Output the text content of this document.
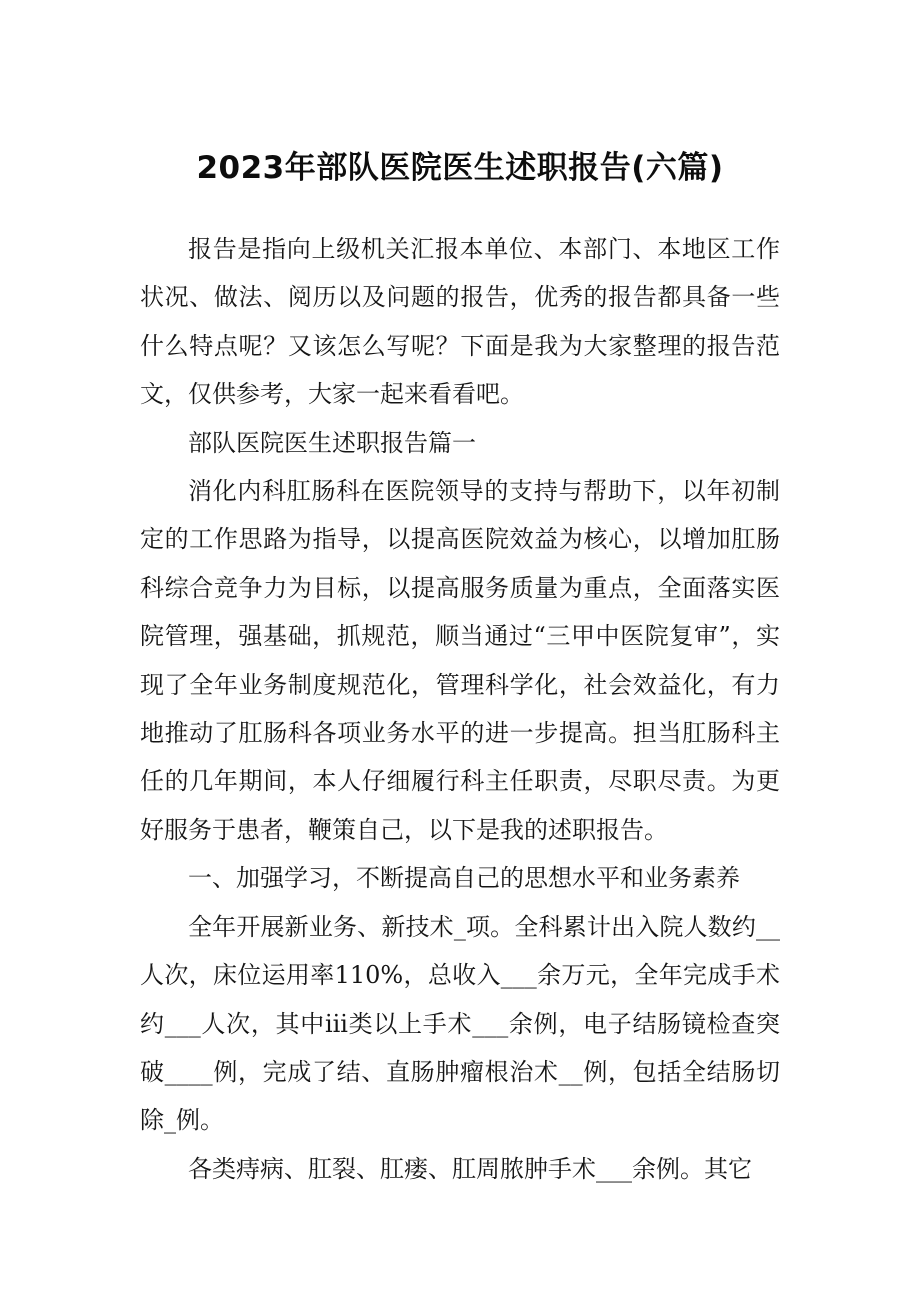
2023年部队医院医生述职报告(六篇)

报告是指向上级机关汇报本单位、本部门、本地区工作状况、做法、阅历以及问题的报告，优秀的报告都具备一些什么特点呢？又该怎么写呢？下面是我为大家整理的报告范文，仅供参考，大家一起来看看吧。

部队医院医生述职报告篇一

消化内科肛肠科在医院领导的支持与帮助下，以年初制定的工作思路为指导，以提高医院效益为核心，以增加肛肠科综合竞争力为目标，以提高服务质量为重点，全面落实医院管理，强基础，抓规范，顺当通过“三甲中医院复审”，实现了全年业务制度规范化，管理科学化，社会效益化，有力地推动了肛肠科各项业务水平的进一步提高。担当肛肠科主任的几年期间，本人仔细履行科主任职责，尽职尽责。为更好服务于患者，鞭策自己，以下是我的述职报告。

一、加强学习，不断提高自己的思想水平和业务素养

全年开展新业务、新技术_项。全科累计出入院人数约__人次，床位运用率110%，总收入___余万元，全年完成手术约___人次，其中iii类以上手术___余例，电子结肠镜检查突破____例，完成了结、直肠肿瘤根治术__例，包括全结肠切除_例。

各类痔病、肛裂、肛瘘、肛周脓肿手术___余例。其它
